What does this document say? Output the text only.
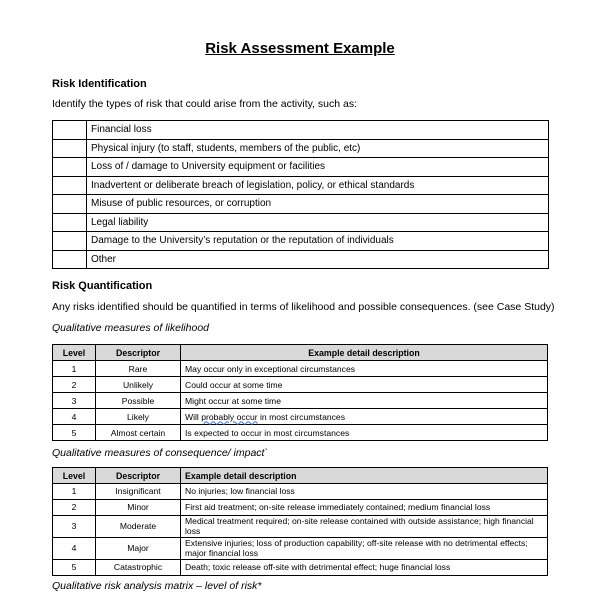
Risk Assessment Example
Risk Identification
Identify the types of risk that could arise from the activity, such as:
	Financial loss
	Physical injury (to staff, students, members of the public, etc)
	Loss of / damage to University equipment or facilities
	Inadvertent or deliberate breach of legislation, policy, or ethical standards
	Misuse of public resources, or corruption
	Legal liability
	Damage to the University’s reputation or the reputation of individuals
	Other
Risk Quantification
Any risks identified should be quantified in terms of likelihood and possible consequences. (see Case Study)
Qualitative measures of likelihood
Level	Descriptor	Example detail description
1	Rare	May occur only in exceptional circumstances
2	Unlikely	Could occur at some time
3	Possible	Might occur at some time
4	Likely	Will probably occur in most circumstances
5	Almost certain	Is expected to occur in most circumstances
Qualitative measures of consequence/ impact`
Level	Descriptor	Example detail description
1	Insignificant	No injuries; low financial loss
2	Minor	First aid treatment; on-site release immediately contained; medium financial loss
3	Moderate	Medical treatment required; on-site release contained with outside assistance; high financial loss
4	Major	Extensive injuries; loss of production capability; off-site release with no detrimental effects; major financial loss
5	Catastrophic	Death; toxic release off-site with detrimental effect; huge financial loss
Qualitative risk analysis matrix – level of risk*
